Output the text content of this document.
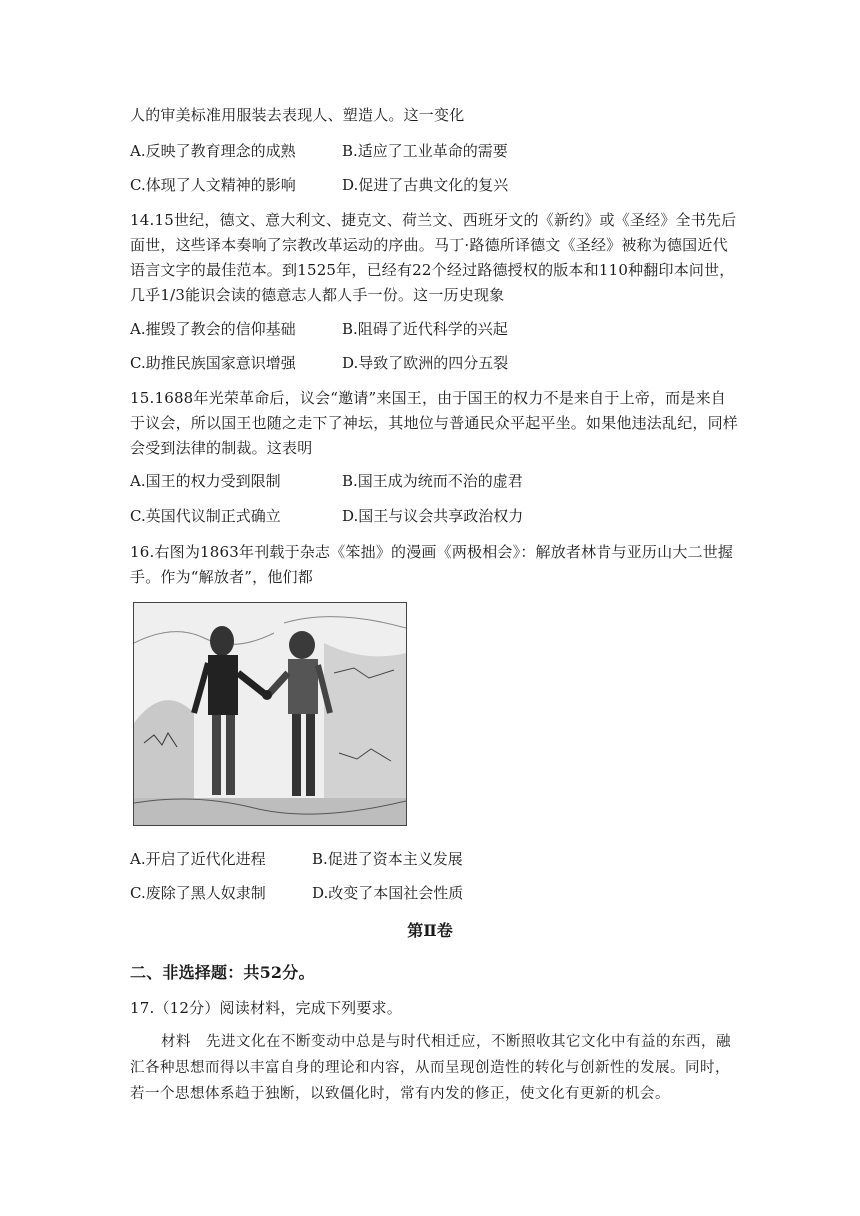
人的审美标准用服装去表现人、塑造人。这一变化
A.反映了教育理念的成熟	B.适应了工业革命的需要
C.体现了人文精神的影响	D.促进了古典文化的复兴
14.15世纪，德文、意大利文、捷克文、荷兰文、西班牙文的《新约》或《圣经》全书先后
面世，这些译本奏响了宗教改革运动的序曲。马丁·路德所译德文《圣经》被称为德国近代
语言文字的最佳范本。到1525年，已经有22个经过路德授权的版本和110种翻印本问世，
几乎1/3能识会读的德意志人都人手一份。这一历史现象
A.摧毁了教会的信仰基础	B.阻碍了近代科学的兴起
C.助推民族国家意识增强	D.导致了欧洲的四分五裂
15.1688年光荣革命后，议会“邀请”来国王，由于国王的权力不是来自于上帝，而是来自
于议会，所以国王也随之走下了神坛，其地位与普通民众平起平坐。如果他违法乱纪，同样
会受到法律的制裁。这表明
A.国王的权力受到限制	B.国王成为统而不治的虚君
C.英国代议制正式确立	D.国王与议会共享政治权力
16.右图为1863年刊载于杂志《笨拙》的漫画《两极相会》：解放者林肯与亚历山大二世握
手。作为“解放者”，他们都
A.开启了近代化进程	B.促进了资本主义发展
C.废除了黑人奴隶制	D.改变了本国社会性质
第Ⅱ卷
二、非选择题：共52分。
17.（12分）阅读材料，完成下列要求。
材料　先进文化在不断变动中总是与时代相迁应，不断照收其它文化中有益的东西，融
汇各种思想而得以丰富自身的理论和内容，从而呈现创造性的转化与创新性的发展。同时，
若一个思想体系趋于独断，以致僵化时，常有内发的修正，使文化有更新的机会。
